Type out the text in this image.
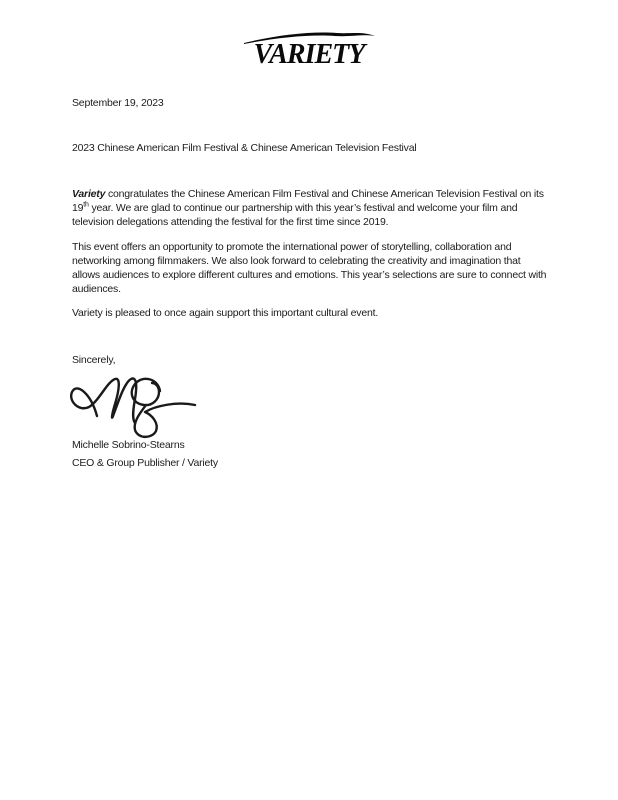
VARIETY
September 19, 2023
2023 Chinese American Film Festival & Chinese American Television Festival
Variety congratulates the Chinese American Film Festival and Chinese American Television Festival on its 19th year. We are glad to continue our partnership with this year’s festival and welcome your film and television delegations attending the festival for the first time since 2019.
This event offers an opportunity to promote the international power of storytelling, collaboration and networking among filmmakers. We also look forward to celebrating the creativity and imagination that allows audiences to explore different cultures and emotions. This year’s selections are sure to connect with audiences.
Variety is pleased to once again support this important cultural event.
Sincerely,
Michelle Sobrino-Stearns
CEO & Group Publisher / Variety
